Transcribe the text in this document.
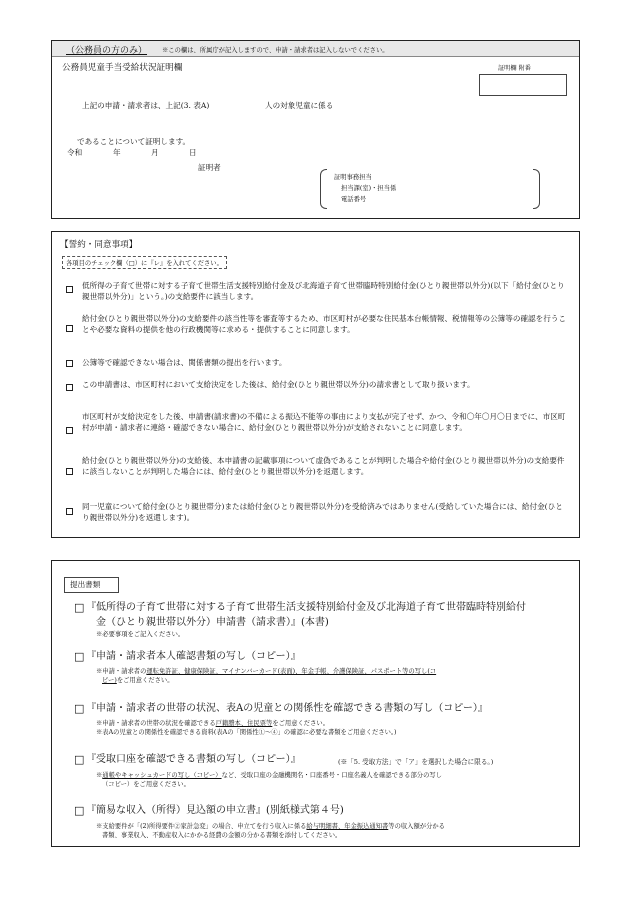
（公務員の方のみ） ※この欄は、所属庁が記入しますので、申請・請求者は記入しないでください。
公務員児童手当受給状況証明欄	証明欄 附番
上記の申請・請求者は、上記(3. 表A)	人の対象児童に係る
であることについて証明します。
令和	年	月	日
証明者
証明事務担当
担当課(室)・担当係
電話番号
【誓約・同意事項】
各項目のチェック欄（□）に『レ』を入れてください。
低所得の子育て世帯に対する子育て世帯生活支援特別給付金及び北海道子育て世帯臨時特別給付金(ひとり親世帯以外分)(以下「給付金(ひとり親世帯以外分)」という。)の支給要件に該当します。
給付金(ひとり親世帯以外分)の支給要件の該当性等を審査等するため、市区町村が必要な住民基本台帳情報、税情報等の公簿等の確認を行うことや必要な資料の提供を他の行政機関等に求める・提供することに同意します。
公簿等で確認できない場合は、関係書類の提出を行います。
この申請書は、市区町村において支給決定をした後は、給付金(ひとり親世帯以外分)の請求書として取り扱います。
市区町村が支給決定をした後、申請書(請求書)の不備による振込不能等の事由により支払が完了せず、かつ、令和〇年〇月〇日までに、市区町村が申請・請求者に連絡・確認できない場合に、給付金(ひとり親世帯以外分)が支給されないことに同意します。
給付金(ひとり親世帯以外分)の支給後、本申請書の記載事項について虚偽であることが判明した場合や給付金(ひとり親世帯以外分)の支給要件に該当しないことが判明した場合には、給付金(ひとり親世帯以外分)を返還します。
同一児童について給付金(ひとり親世帯分)または給付金(ひとり親世帯以外分)を受給済みではありません(受給していた場合には、給付金(ひとり親世帯以外分)を返還します)。
提出書類
□ 『低所得の子育て世帯に対する子育て世帯生活支援特別給付金及び北海道子育て世帯臨時特別給付
金（ひとり親世帯以外分）申請書（請求書）』(本書)
※必要事項をご記入ください。
□ 『申請・請求者本人確認書類の写し（コピー）』
※申請・請求者の運転免許証、健康保険証、マイナンバーカード(表面)、年金手帳、介護保険証、パスポート等の写し(コ
ピー)をご用意ください。
□ 『申請・請求者の世帯の状況、表Aの児童との関係性を確認できる書類の写し（コピー）』
※申請・請求者の世帯の状況を確認できる戸籍謄本、住民票等をご用意ください。
※表Aの児童との関係性を確認できる資料(表Aの「関係性①～④」の確認に必要な書類をご用意ください。)
□ 『受取口座を確認できる書類の写し（コピー）』	(※「5. 受取方法」で「ア」を選択した場合に限る。)
※通帳やキャッシュカードの写し（コピー）など、受取口座の金融機関名・口座番号・口座名義人を確認できる部分の写し
（コピー）をご用意ください。
□ 『簡易な収入（所得）見込額の申立書』(別紙様式第４号)
※支給要件が「(2)所得要件②家計急変」の場合、申立てを行う収入に係る給与明細書、年金振込通知書等の収入額が分かる
書類、事業収入、不動産収入にかかる経費の金額の分かる書類を添付してください。
